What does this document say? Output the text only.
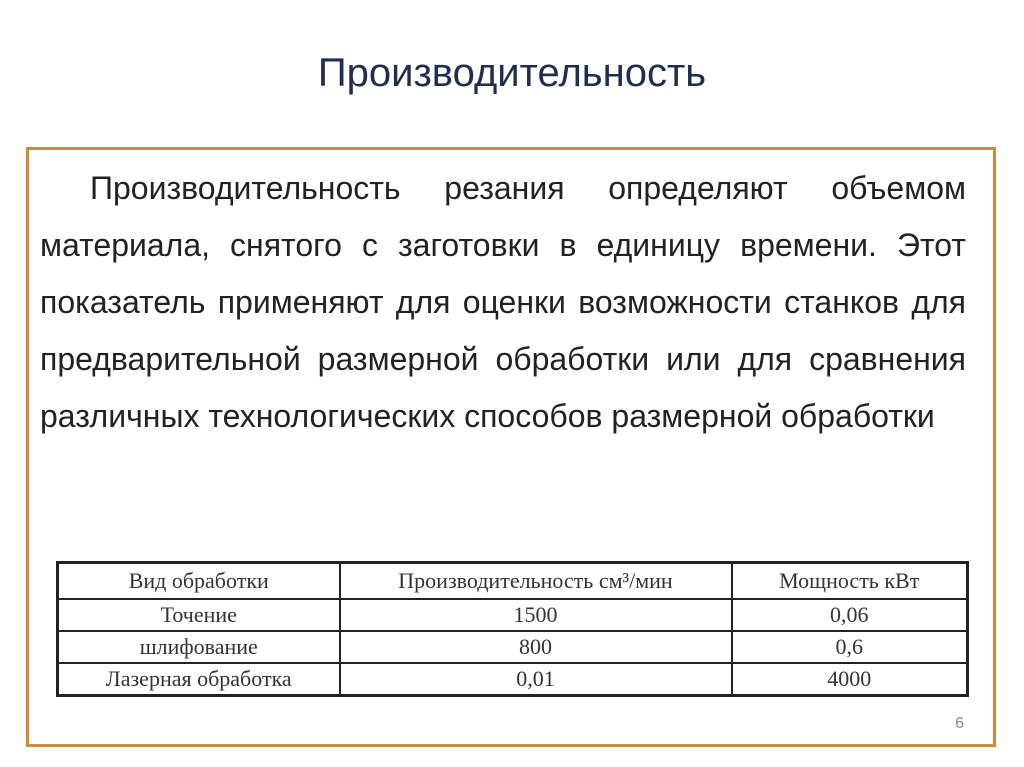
Производительность

Производительность резания определяют объемом материала, снятого с заготовки в единицу времени. Этот показатель применяют для оценки возможности станков для предварительной размерной обработки или для сравнения различных технологических способов размерной обработки

Вид обработки	Производительность см³/мин	Мощность кВт
Точение	1500	0,06
шлифование	800	0,6
Лазерная обработка	0,01	4000
6
